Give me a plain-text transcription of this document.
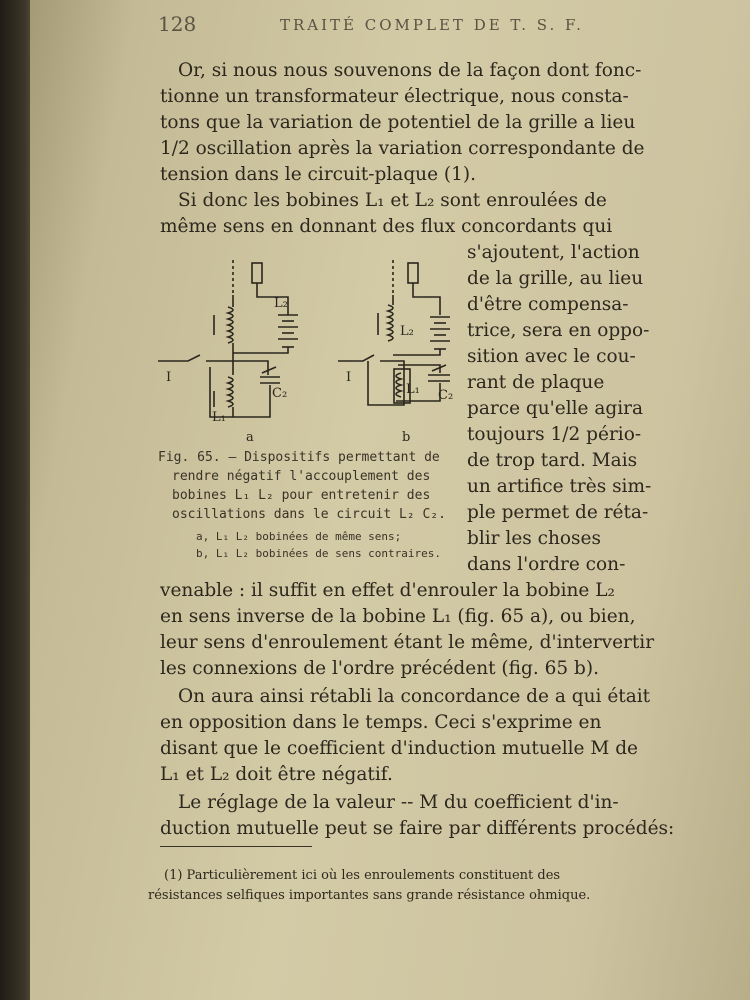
128	TRAITÉ COMPLET DE T. S. F.
Or, si nous nous souvenons de la façon dont fonc-
tionne un transformateur électrique, nous consta-
tons que la variation de potentiel de la grille a lieu
1/2 oscillation après la variation correspondante de
tension dans le circuit-plaque (1).
Si donc les bobines L₁ et L₂ sont enroulées de
même sens en donnant des flux concordants qui
s'ajoutent, l'action
de la grille, au lieu
d'être compensa-
trice, sera en oppo-
sition avec le cou-
rant de plaque
parce qu'elle agira
toujours 1/2 pério-
de trop tard. Mais
un artifice très sim-
ple permet de réta-
blir les choses
dans l'ordre con-
venable : il suffit en effet d'enrouler la bobine L₂
en sens inverse de la bobine L₁ (fig. 65 a), ou bien,
leur sens d'enroulement étant le même, d'intervertir
les connexions de l'ordre précédent (fig. 65 b).
On aura ainsi rétabli la concordance de a qui était
en opposition dans le temps. Ceci s'exprime en
disant que le coefficient d'induction mutuelle M de
L₁ et L₂ doit être négatif.
Le réglage de la valeur -- M du coefficient d'in-
duction mutuelle peut se faire par différents procédés:
L₂
L₁
C₂
I
a
L₂
L₁ C₂
I
b
Fig. 65. — Dispositifs permettant de
rendre négatif l'accouplement des
bobines L₁ L₂ pour entretenir des
oscillations dans le circuit L₂ C₂.
a, L₁ L₂ bobinées de même sens;
b, L₁ L₂ bobinées de sens contraires.
(1) Particulièrement ici où les enroulements constituent des
résistances selfiques importantes sans grande résistance ohmique.
